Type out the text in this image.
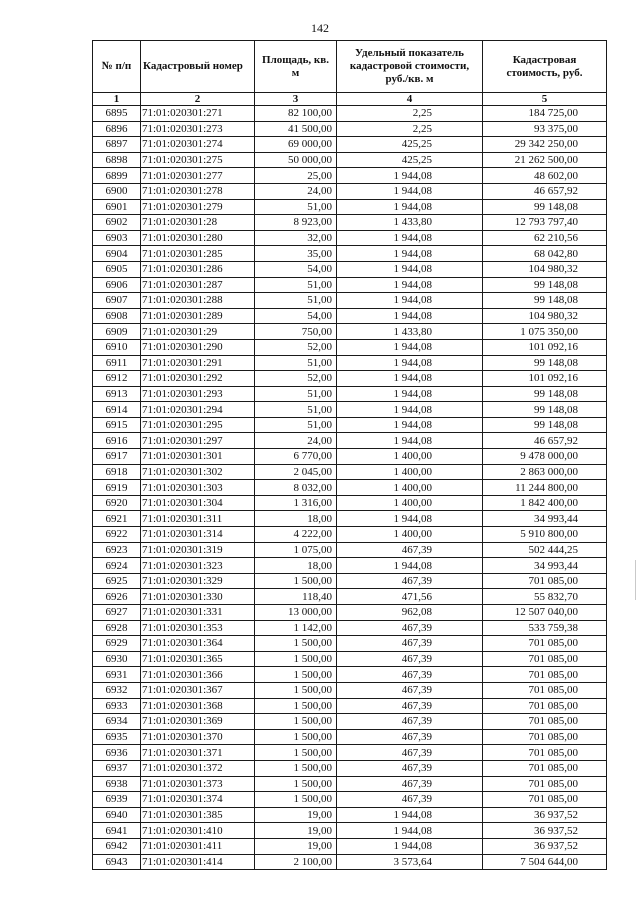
142
№ п/п	Кадастровый номер	Площадь, кв. м	Удельный показатель кадастровой стоимости, руб./кв. м	Кадастровая стоимость, руб.
1	2	3	4	5
6895	71:01:020301:271	82 100,00	2,25	184 725,00
6896	71:01:020301:273	41 500,00	2,25	93 375,00
6897	71:01:020301:274	69 000,00	425,25	29 342 250,00
6898	71:01:020301:275	50 000,00	425,25	21 262 500,00
6899	71:01:020301:277	25,00	1 944,08	48 602,00
6900	71:01:020301:278	24,00	1 944,08	46 657,92
6901	71:01:020301:279	51,00	1 944,08	99 148,08
6902	71:01:020301:28	8 923,00	1 433,80	12 793 797,40
6903	71:01:020301:280	32,00	1 944,08	62 210,56
6904	71:01:020301:285	35,00	1 944,08	68 042,80
6905	71:01:020301:286	54,00	1 944,08	104 980,32
6906	71:01:020301:287	51,00	1 944,08	99 148,08
6907	71:01:020301:288	51,00	1 944,08	99 148,08
6908	71:01:020301:289	54,00	1 944,08	104 980,32
6909	71:01:020301:29	750,00	1 433,80	1 075 350,00
6910	71:01:020301:290	52,00	1 944,08	101 092,16
6911	71:01:020301:291	51,00	1 944,08	99 148,08
6912	71:01:020301:292	52,00	1 944,08	101 092,16
6913	71:01:020301:293	51,00	1 944,08	99 148,08
6914	71:01:020301:294	51,00	1 944,08	99 148,08
6915	71:01:020301:295	51,00	1 944,08	99 148,08
6916	71:01:020301:297	24,00	1 944,08	46 657,92
6917	71:01:020301:301	6 770,00	1 400,00	9 478 000,00
6918	71:01:020301:302	2 045,00	1 400,00	2 863 000,00
6919	71:01:020301:303	8 032,00	1 400,00	11 244 800,00
6920	71:01:020301:304	1 316,00	1 400,00	1 842 400,00
6921	71:01:020301:311	18,00	1 944,08	34 993,44
6922	71:01:020301:314	4 222,00	1 400,00	5 910 800,00
6923	71:01:020301:319	1 075,00	467,39	502 444,25
6924	71:01:020301:323	18,00	1 944,08	34 993,44
6925	71:01:020301:329	1 500,00	467,39	701 085,00
6926	71:01:020301:330	118,40	471,56	55 832,70
6927	71:01:020301:331	13 000,00	962,08	12 507 040,00
6928	71:01:020301:353	1 142,00	467,39	533 759,38
6929	71:01:020301:364	1 500,00	467,39	701 085,00
6930	71:01:020301:365	1 500,00	467,39	701 085,00
6931	71:01:020301:366	1 500,00	467,39	701 085,00
6932	71:01:020301:367	1 500,00	467,39	701 085,00
6933	71:01:020301:368	1 500,00	467,39	701 085,00
6934	71:01:020301:369	1 500,00	467,39	701 085,00
6935	71:01:020301:370	1 500,00	467,39	701 085,00
6936	71:01:020301:371	1 500,00	467,39	701 085,00
6937	71:01:020301:372	1 500,00	467,39	701 085,00
6938	71:01:020301:373	1 500,00	467,39	701 085,00
6939	71:01:020301:374	1 500,00	467,39	701 085,00
6940	71:01:020301:385	19,00	1 944,08	36 937,52
6941	71:01:020301:410	19,00	1 944,08	36 937,52
6942	71:01:020301:411	19,00	1 944,08	36 937,52
6943	71:01:020301:414	2 100,00	3 573,64	7 504 644,00
